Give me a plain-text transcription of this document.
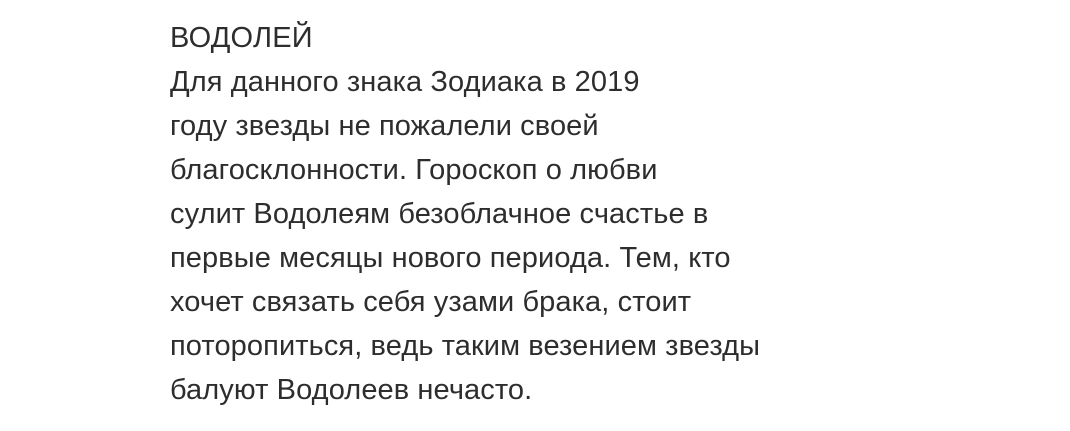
ВОДОЛЕЙ
Для данного знака Зодиака в 2019
году звезды не пожалели своей
благосклонности. Гороскоп о любви
сулит Водолеям безоблачное счастье в
первые месяцы нового периода. Тем, кто
хочет связать себя узами брака, стоит
поторопиться, ведь таким везением звезды
балуют Водолеев нечасто.
